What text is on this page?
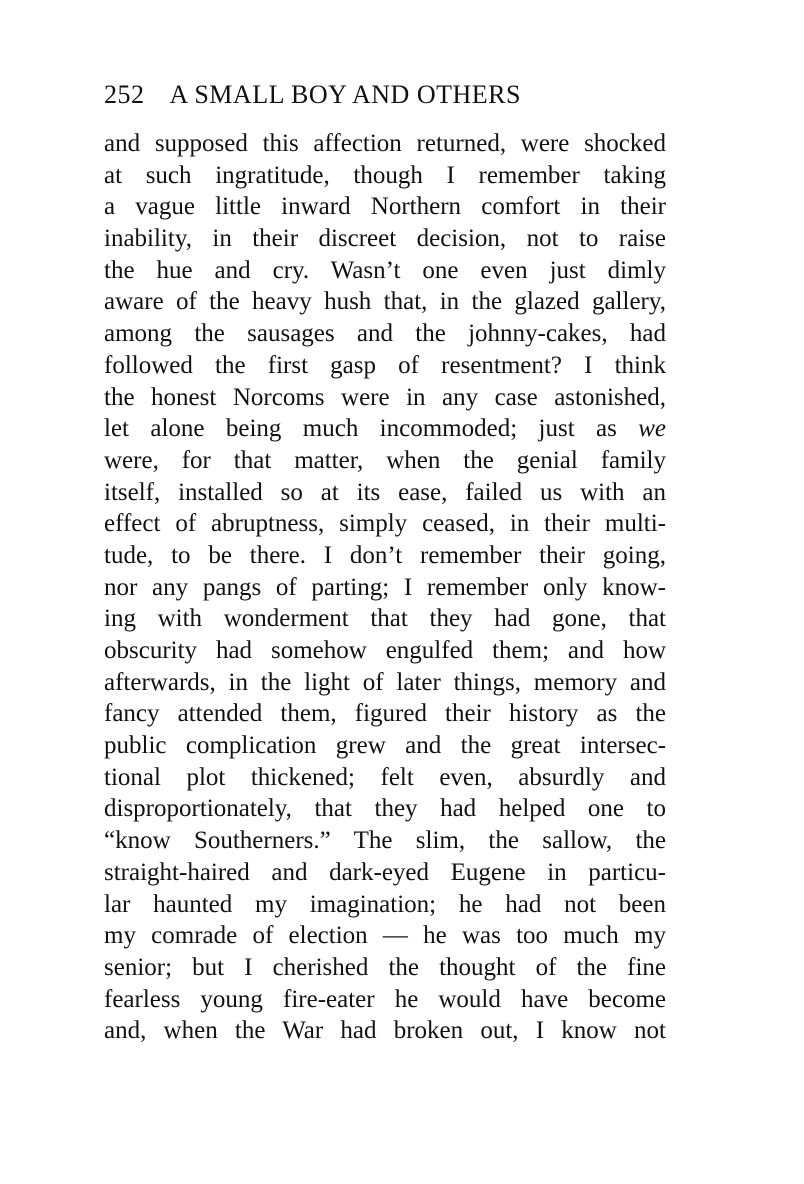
252 A SMALL BOY AND OTHERS
and supposed this affection returned, were shocked
at such ingratitude, though I remember taking
a vague little inward Northern comfort in their
inability, in their discreet decision, not to raise
the hue and cry. Wasn’t one even just dimly
aware of the heavy hush that, in the glazed gallery,
among the sausages and the johnny-cakes, had
followed the first gasp of resentment? I think
the honest Norcoms were in any case astonished,
let alone being much incommoded; just as we
were, for that matter, when the genial family
itself, installed so at its ease, failed us with an
effect of abruptness, simply ceased, in their multi-
tude, to be there. I don’t remember their going,
nor any pangs of parting; I remember only know-
ing with wonderment that they had gone, that
obscurity had somehow engulfed them; and how
afterwards, in the light of later things, memory and
fancy attended them, figured their history as the
public complication grew and the great intersec-
tional plot thickened; felt even, absurdly and
disproportionately, that they had helped one to
“know Southerners.” The slim, the sallow, the
straight-haired and dark-eyed Eugene in particu-
lar haunted my imagination; he had not been
my comrade of election — he was too much my
senior; but I cherished the thought of the fine
fearless young fire-eater he would have become
and, when the War had broken out, I know not
